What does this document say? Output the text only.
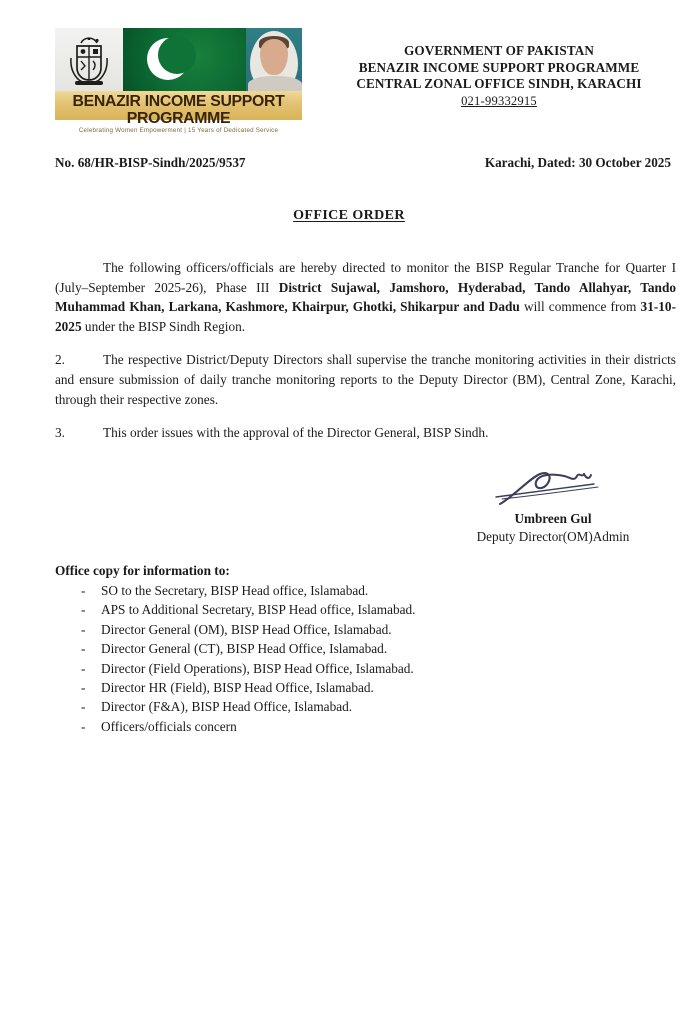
BENAZIR INCOME SUPPORT PROGRAMME
Celebrating Women Empowerment | 15 Years of Dedicated Service
GOVERNMENT OF PAKISTAN
BENAZIR INCOME SUPPORT PROGRAMME
CENTRAL ZONAL OFFICE SINDH, KARACHI
021-99332915
No. 68/HR-BISP-Sindh/2025/9537	Karachi, Dated: 30 October 2025
OFFICE ORDER

The following officers/officials are hereby directed to monitor the BISP Regular Tranche for Quarter I (July–September 2025-26), Phase III District Sujawal, Jamshoro, Hyderabad, Tando Allahyar, Tando Muhammad Khan, Larkana, Kashmore, Khairpur, Ghotki, Shikarpur and Dadu will commence from 31-10-2025 under the BISP Sindh Region.

2.	The respective District/Deputy Directors shall supervise the tranche monitoring activities in their districts and ensure submission of daily tranche monitoring reports to the Deputy Director (BM), Central Zone, Karachi, through their respective zones.

3.	This order issues with the approval of the Director General, BISP Sindh.

Umbreen Gul
Deputy Director(OM)Admin
Office copy for information to:
- SO to the Secretary, BISP Head office, Islamabad.
- APS to Additional Secretary, BISP Head office, Islamabad.
- Director General (OM), BISP Head Office, Islamabad.
- Director General (CT), BISP Head Office, Islamabad.
- Director (Field Operations), BISP Head Office, Islamabad.
- Director HR (Field), BISP Head Office, Islamabad.
- Director (F&A), BISP Head Office, Islamabad.
- Officers/officials concern
